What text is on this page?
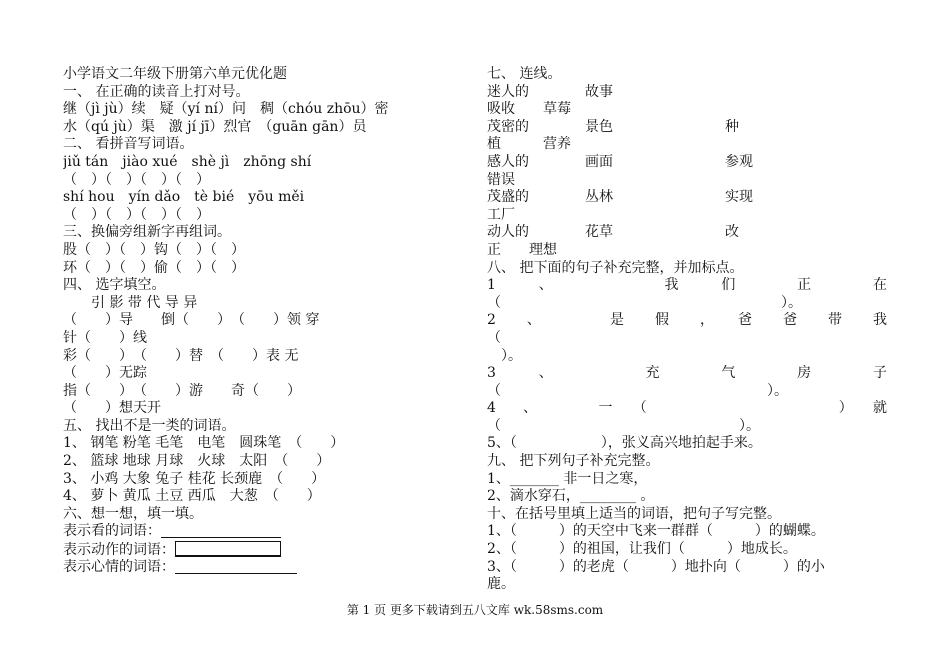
小学语文二年级下册第六单元优化题
一、 在正确的读音上打对号。
继（jì jù）续　疑（yí ní）问　稠（chóu zhōu）密
水（qú jù）渠　激 jí jī）烈官　（guān gān）员
二、 看拼音写词语。
jiǔ tán　jiào xué　shè jì　zhōng shí
（　）（　）（　）（　）
shí hou　yín dǎo　tè bié　yōu měi
（　）（　）（　）（　）
三、换偏旁组新字再组词。
股（　）（　）钩（　）（　）
环（　）（　）偷（　）（　）
四、 选字填空。
　　引 影 带 代 导 异
（　　）导　　倒（　　）　（　　）领 穿
针（　　）线
彩（　　）　（　　）替　（　　）表 无
（　　）无踪
指（　　）　（　　）游　　奇（　　）
（　　）想天开
五、 找出不是一类的词语。
1、 钢笔 粉笔 毛笔　电笔　圆珠笔　（　　）
2、 篮球 地球 月球　火球　太阳　（　　）
3、 小鸡 大象 兔子 桂花 长颈鹿　（　　）
4、 萝卜 黄瓜 土豆 西瓜　大葱　（　　）
六、想一想，填一填。
表示看的词语：
表示动作的词语：
表示心情的词语：
七、 连线。
迷人的　　　　故事
吸收　　草莓
茂密的　　　　景色　　　　　　　　种
植　　　营养
感人的　　　　画面　　　　　　　　参观
错误
茂盛的　　　　丛林　　　　　　　　实现
工厂
动人的　　　　花草　　　　　　　　改
正　　理想
八、 把下面的句子补充完整，并加标点。
1　　、　　　　　　我　　们　　　正　　　在
（　　　　　　　　　　　　　　　　　　　　）。
2　、　　　是　假　，　爸　爸　带　我
（
　）。
3　　、　　　　　充　　　气　　　房　　　子
（　　　　　　　　　　　　　　　　　　　）。
4　、　　　一　（　　　　　　　　　）　就
（　　　　　　　　　　　　　　　　　）。
5、（　　　　　　），张义高兴地拍起手来。
九、 把下列句子补充完整。
1、_______ 非一日之寒，
2、滴水穿石，________ 。
十、在括号里填上适当的词语，把句子写完整。
1、（　　　）的天空中飞来一群群（　　　）的蝴蝶。
2、（　　　）的祖国，让我们（　　　）地成长。
3、（　　　）的老虎（　　　）地扑向（　　　）的小
鹿。
第 1 页 更多下载请到五八文库 wk.58sms.com
